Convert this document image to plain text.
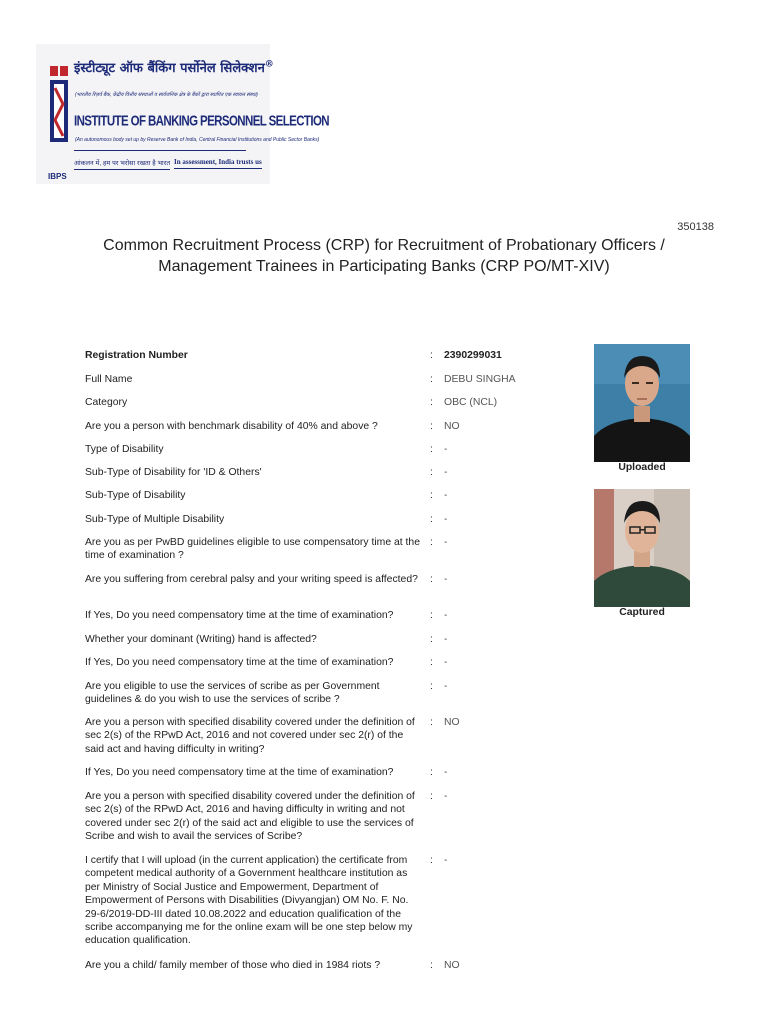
इंस्टीट्यूट ऑफ बैंकिंग पर्सोनेल सिलेक्शन®
(भारतीय रिज़र्व बैंक, केंद्रीय वित्तीय संस्थाओं व सार्वजनिक क्षेत्र के बैंकों द्वारा स्थापित एक स्वायत्त संस्था)
INSTITUTE OF BANKING PERSONNEL SELECTION
(An autonomous body set up by Reserve Bank of India, Central Financial Institutions and Public Sector Banks)
आंकलन में, हम पर भरोसा रखता है भारत In assessment, India trusts us
IBPS
350138
Common Recruitment Process (CRP) for Recruitment of Probationary Officers /
Management Trainees in Participating Banks (CRP PO/MT-XIV)
Registration Number	: 2390299031
Full Name	: DEBU SINGHA
Category	: OBC (NCL)
Are you a person with benchmark disability of 40% and above ?	: NO
Type of Disability	: -
Sub-Type of Disability for 'ID & Others'	: -
Sub-Type of Disability	: -
Sub-Type of Multiple Disability	: -
Are you as per PwBD guidelines eligible to use compensatory time at the time of examination ?
: -
Are you suffering from cerebral palsy and your writing speed is affected?	: -
If Yes, Do you need compensatory time at the time of examination?	: -
Whether your dominant (Writing) hand is affected?	: -
If Yes, Do you need compensatory time at the time of examination?	: -
Are you eligible to use the services of scribe as per Government guidelines & do you wish to use the services of scribe ?
: -
Are you a person with specified disability covered under the definition of sec 2(s) of the RPwD Act, 2016 and not covered under sec 2(r) of the said act and having difficulty in writing?
: NO
If Yes, Do you need compensatory time at the time of examination?	: -
Are you a person with specified disability covered under the definition of sec 2(s) of the RPwD Act, 2016 and having difficulty in writing and not covered under sec 2(r) of the said act and eligible to use the services of Scribe and wish to avail the services of Scribe?
: -
I certify that I will upload (in the current application) the certificate from competent medical authority of a Government healthcare institution as per Ministry of Social Justice and Empowerment, Department of Empowerment of Persons with Disabilities (Divyangjan) OM No. F. No. 29-6/2019-DD-III dated 10.08.2022 and education qualification of the scribe accompanying me for the online exam will be one step below my education qualification.
: -
Are you a child/ family member of those who died in 1984 riots ?	: NO
Uploaded
Captured
